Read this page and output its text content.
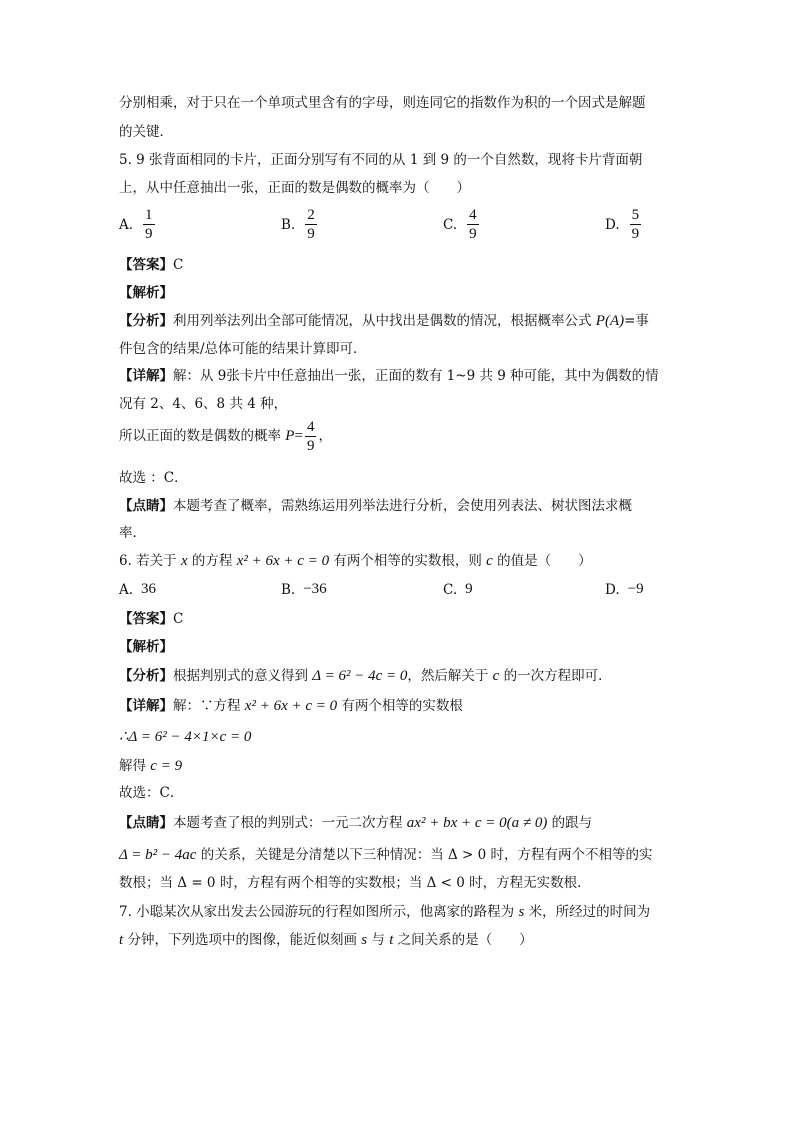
分别相乘，对于只在一个单项式里含有的字母，则连同它的指数作为积的一个因式是解题
的关键．
5. 9 张背面相同的卡片，正面分别写有不同的从 1 到 9 的一个自然数，现将卡片背面朝
上，从中任意抽出一张，正面的数是偶数的概率为（　　）
A. $\frac{1}{9}$	B. $\frac{2}{9}$	C. $\frac{4}{9}$	D. $\frac{5}{9}$
【答案】C
【解析】
【分析】利用列举法列出全部可能情况，从中找出是偶数的情况，根据概率公式 P(A)=事
件包含的结果/总体可能的结果计算即可．
【详解】解：从 9张卡片中任意抽出一张，正面的数有 1~9 共 9 种可能，其中为偶数的情
况有 2、4、6、8 共 4 种，
所以正面的数是偶数的概率 $P= \frac{4}{9}$ ，
故选 ：C．
【点睛】本题考查了概率，需熟练运用列举法进行分析，会使用列表法、树状图法求概
率．
6. 若关于 x 的方程 x² + 6x + c = 0 有两个相等的实数根，则 c 的值是（　　）
A. 36	B. −36	C. 9	D. −9
【答案】C
【解析】
【分析】根据判别式的意义得到 Δ = 6² − 4c = 0，然后解关于 c 的一次方程即可．
【详解】解：∵方程 x² + 6x + c = 0 有两个相等的实数根
∴Δ = 6² − 4×1×c = 0
解得 c = 9
故选：C．
【点睛】本题考查了根的判别式：一元二次方程 ax² + bx + c = 0(a ≠ 0) 的跟与
Δ = b² − 4ac 的关系，关键是分清楚以下三种情况：当 Δ > 0 时，方程有两个不相等的实
数根；当 Δ = 0 时，方程有两个相等的实数根；当 Δ < 0 时，方程无实数根．
7. 小聪某次从家出发去公园游玩的行程如图所示，他离家的路程为 s 米，所经过的时间为
t 分钟，下列选项中的图像，能近似刻画 s 与 t 之间关系的是（　　）
